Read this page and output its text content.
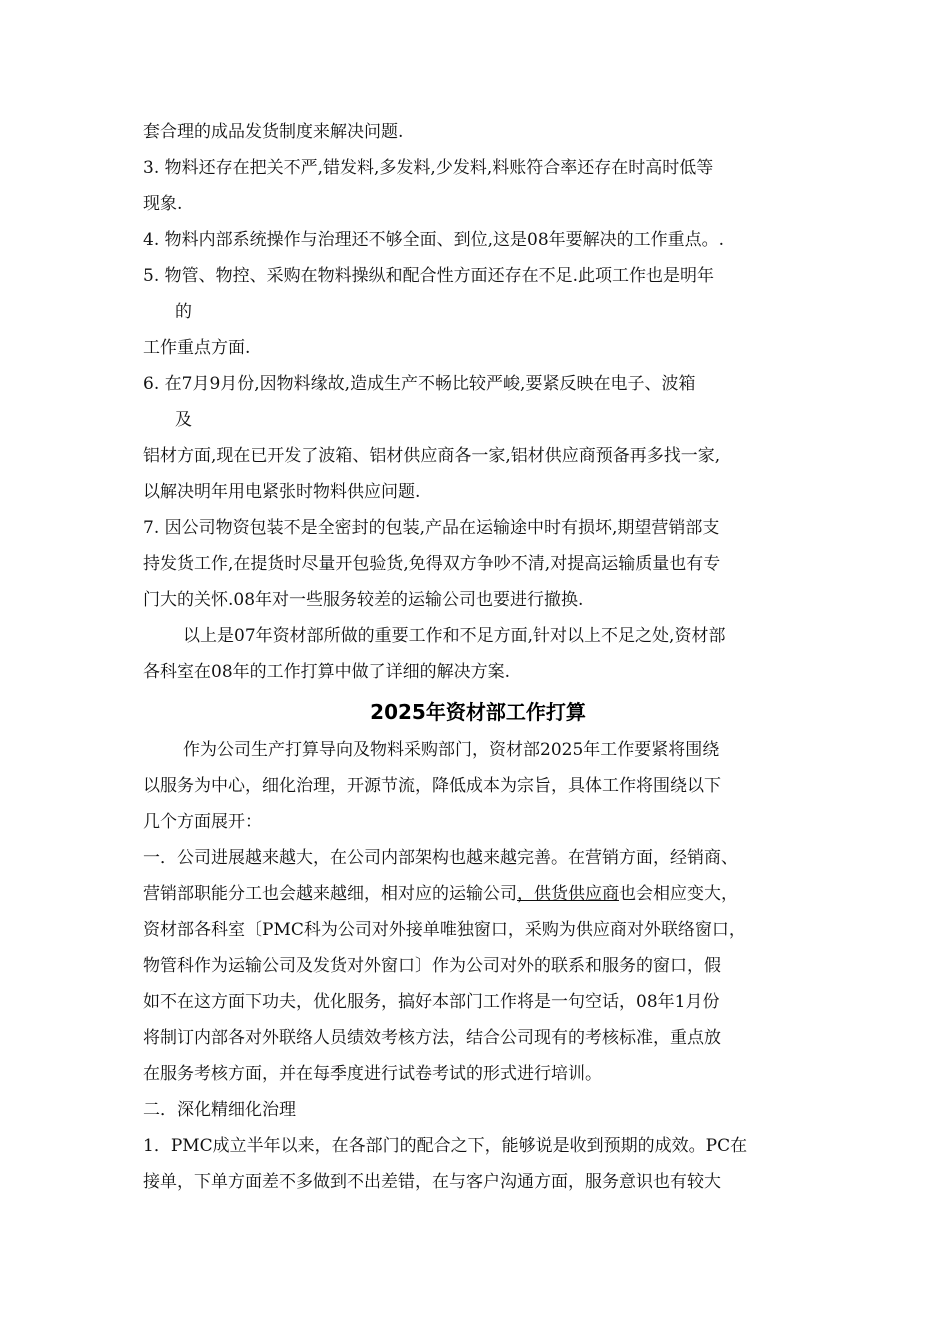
套合理的成品发货制度来解决问题.
3. 物料还存在把关不严,错发料,多发料,少发料,料账符合率还存在时高时低等
现象.
4. 物料内部系统操作与治理还不够全面、到位,这是08年要解决的工作重点。.
5. 物管、物控、采购在物料操纵和配合性方面还存在不足.此项工作也是明年
的
工作重点方面.
6. 在7月9月份,因物料缘故,造成生产不畅比较严峻,要紧反映在电子、波箱
及
铝材方面,现在已开发了波箱、铝材供应商各一家,铝材供应商预备再多找一家,
以解决明年用电紧张时物料供应问题.
7. 因公司物资包装不是全密封的包装,产品在运输途中时有损坏,期望营销部支
持发货工作,在提货时尽量开包验货,免得双方争吵不清,对提高运输质量也有专
门大的关怀.08年对一些服务较差的运输公司也要进行撤换.
以上是07年资材部所做的重要工作和不足方面,针对以上不足之处,资材部
各科室在08年的工作打算中做了详细的解决方案.
2025年资材部工作打算
作为公司生产打算导向及物料采购部门，资材部2025年工作要紧将围绕
以服务为中心，细化治理，开源节流，降低成本为宗旨，具体工作将围绕以下
几个方面展开：
一．公司进展越来越大，在公司内部架构也越来越完善。在营销方面，经销商、
营销部职能分工也会越来越细，相对应的运输公司，供货供应商也会相应变大，
资材部各科室〔PMC科为公司对外接单唯独窗口，采购为供应商对外联络窗口，
物管科作为运输公司及发货对外窗口〕作为公司对外的联系和服务的窗口，假
如不在这方面下功夫，优化服务，搞好本部门工作将是一句空话，08年1月份
将制订内部各对外联络人员绩效考核方法，结合公司现有的考核标准，重点放
在服务考核方面，并在每季度进行试卷考试的形式进行培训。
二．深化精细化治理
1．PMC成立半年以来，在各部门的配合之下，能够说是收到预期的成效。PC在
接单，下单方面差不多做到不出差错，在与客户沟通方面，服务意识也有较大
